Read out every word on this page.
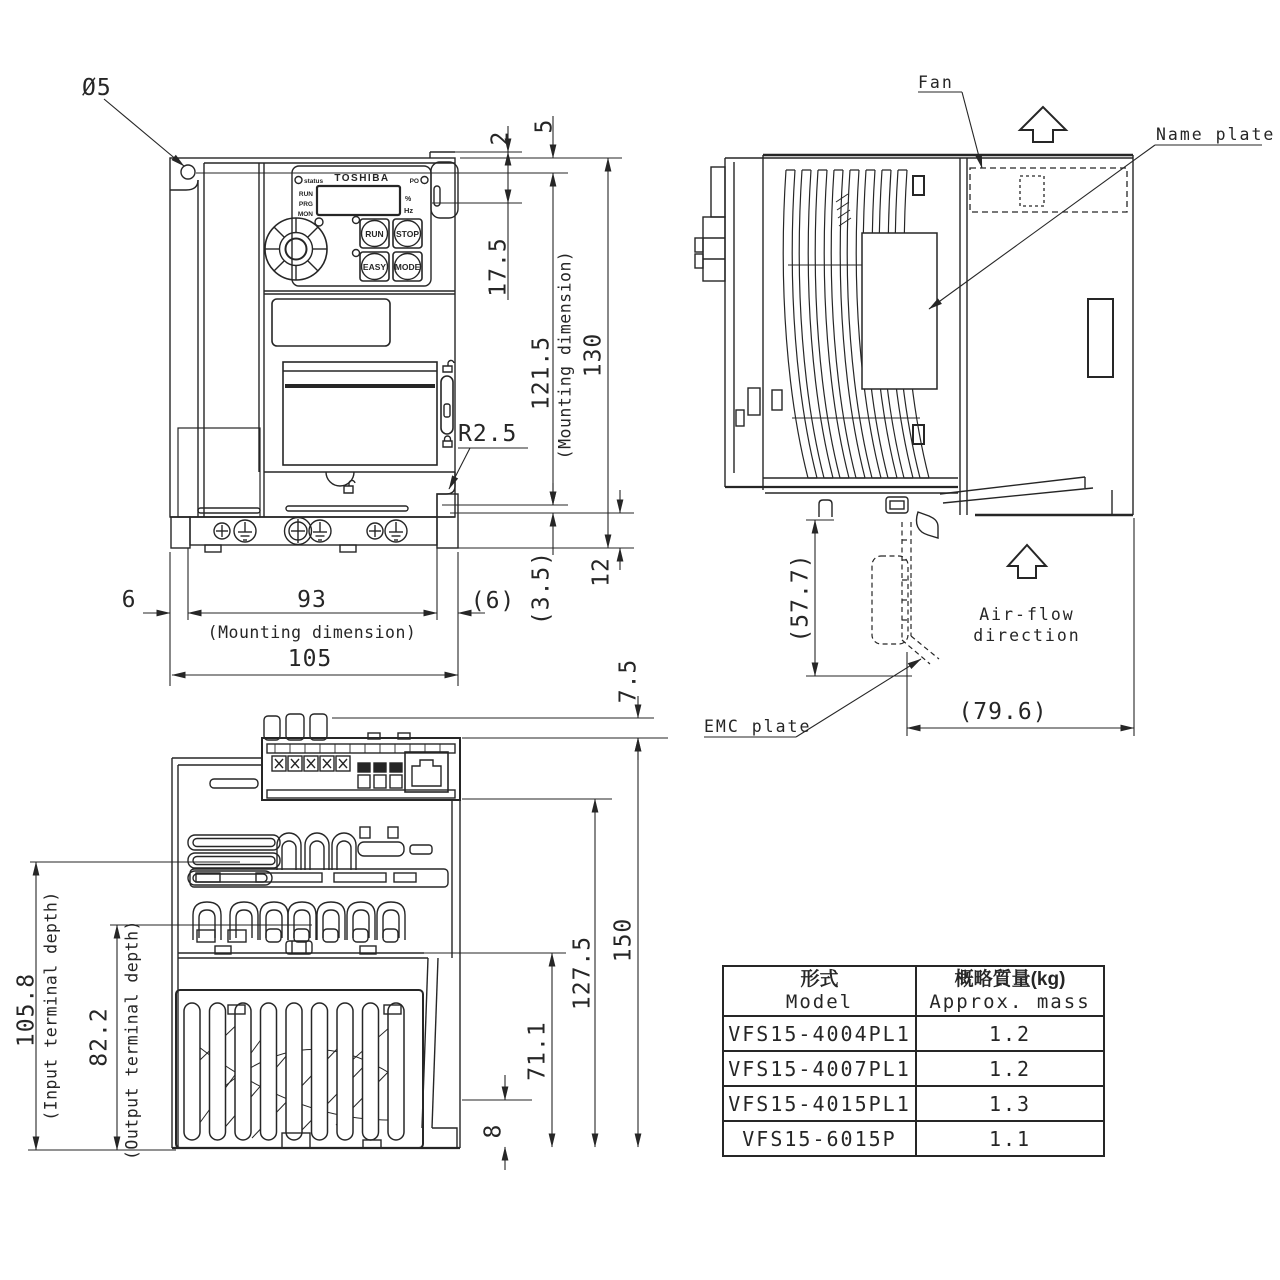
TOSHIBA
status	PO
RUN
PRG
MON
%
Hz
RUN STOP
EASY MODE
Ø5
2
5
17.5
121.5 (Mounting dimension) 130
R2.5
(3.5) 12
6	93
(Mounting dimension)
(6)
105
Fan
Name plate
EMC plate
Air-flow
direction
(57.7)
(79.6)
7.5
150
127.5
71.1
8
105.8 (Input terminal depth) 82.2 (Output terminal depth)	形式
Model

概略質量(kg)
Approx. mass

VFS15-4004PL1	1.2
VFS15-4007PL1	1.2
VFS15-4015PL1	1.3
VFS15-6015P	1.1
